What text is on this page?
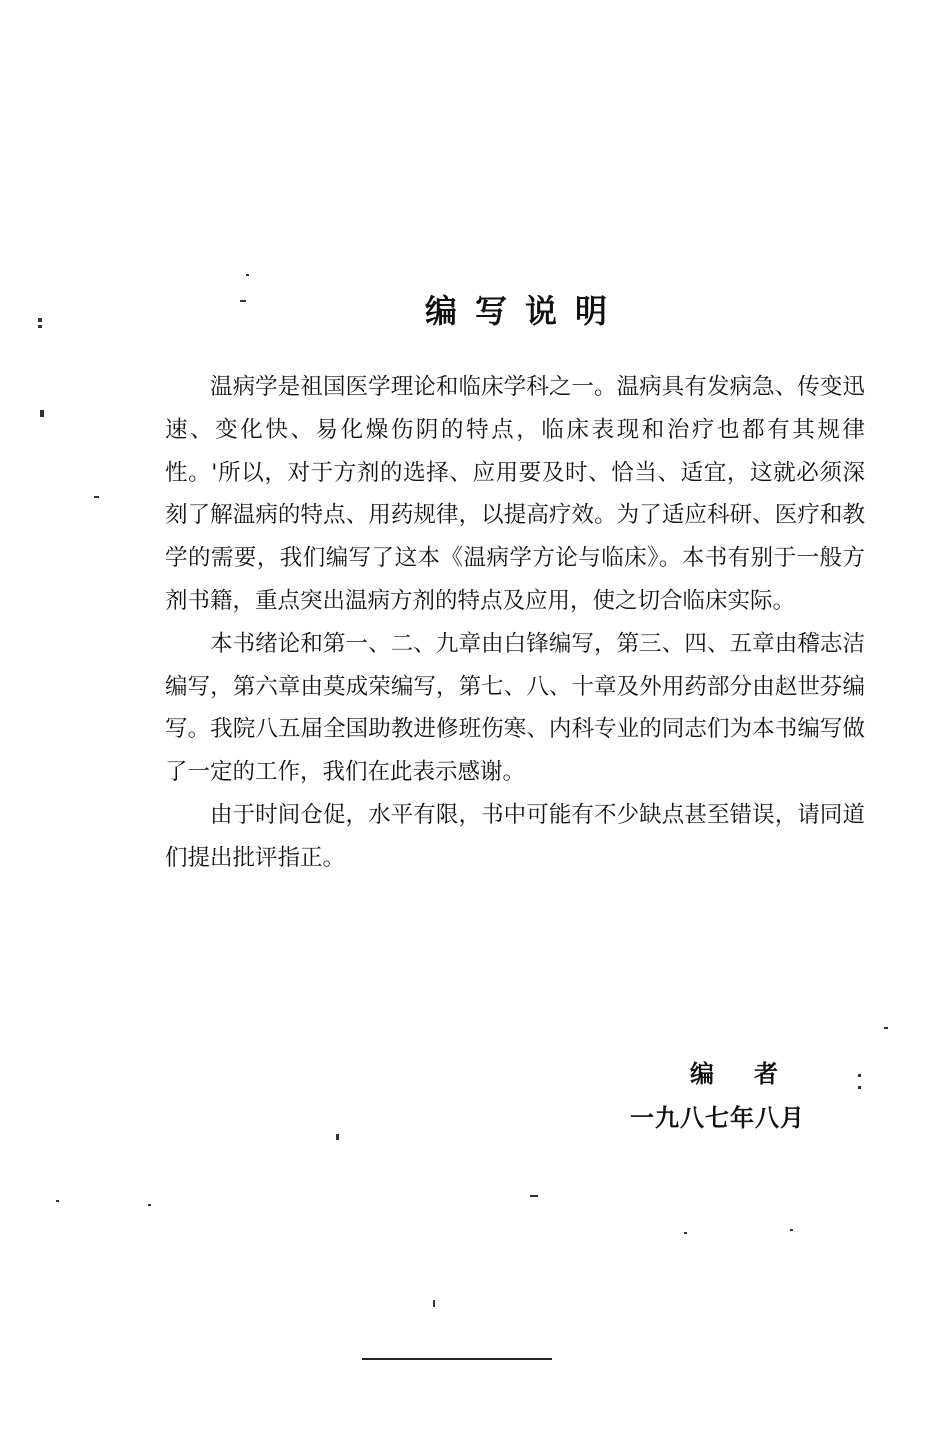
编写说明

温病学是祖国医学理论和临床学科之一。温病具有发病急、传变迅速、变化快、易化燥伤阴的特点，临床表现和治疗也都有其规律性。'所以，对于方剂的选择、应用要及时、恰当、适宜，这就必须深刻了解温病的特点、用药规律，以提高疗效。为了适应科研、医疗和教学的需要，我们编写了这本《温病学方论与临床》。本书有别于一般方剂书籍，重点突出温病方剂的特点及应用，使之切合临床实际。

本书绪论和第一、二、九章由白锋编写，第三、四、五章由稽志洁编写，第六章由莫成荣编写，第七、八、十章及外用药部分由赵世芬编写。我院八五届全国助教进修班伤寒、内科专业的同志们为本书编写做了一定的工作，我们在此表示感谢。

由于时间仓促，水平有限，书中可能有不少缺点甚至错误，请同道们提出批评指正。

编者
一九八七年八月
